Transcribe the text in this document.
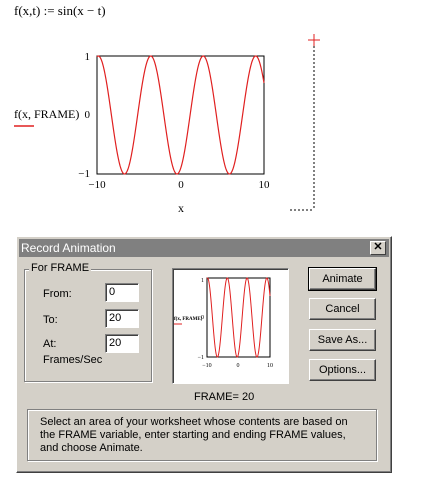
f(x,t) := sin(x − t)
1
0
−1
−10	0	10
f(x, FRAME)
x
Record Animation	✕
For FRAME
From:	0
To:	20
At:	20
Frames/Sec
1
0
−1
−10	0	10
f(x, FRAME)
FRAME= 20
Animate
Cancel
Save As...
Options...
Select an area of your worksheet whose contents are based on the FRAME variable, enter starting and ending FRAME values, and choose Animate.
